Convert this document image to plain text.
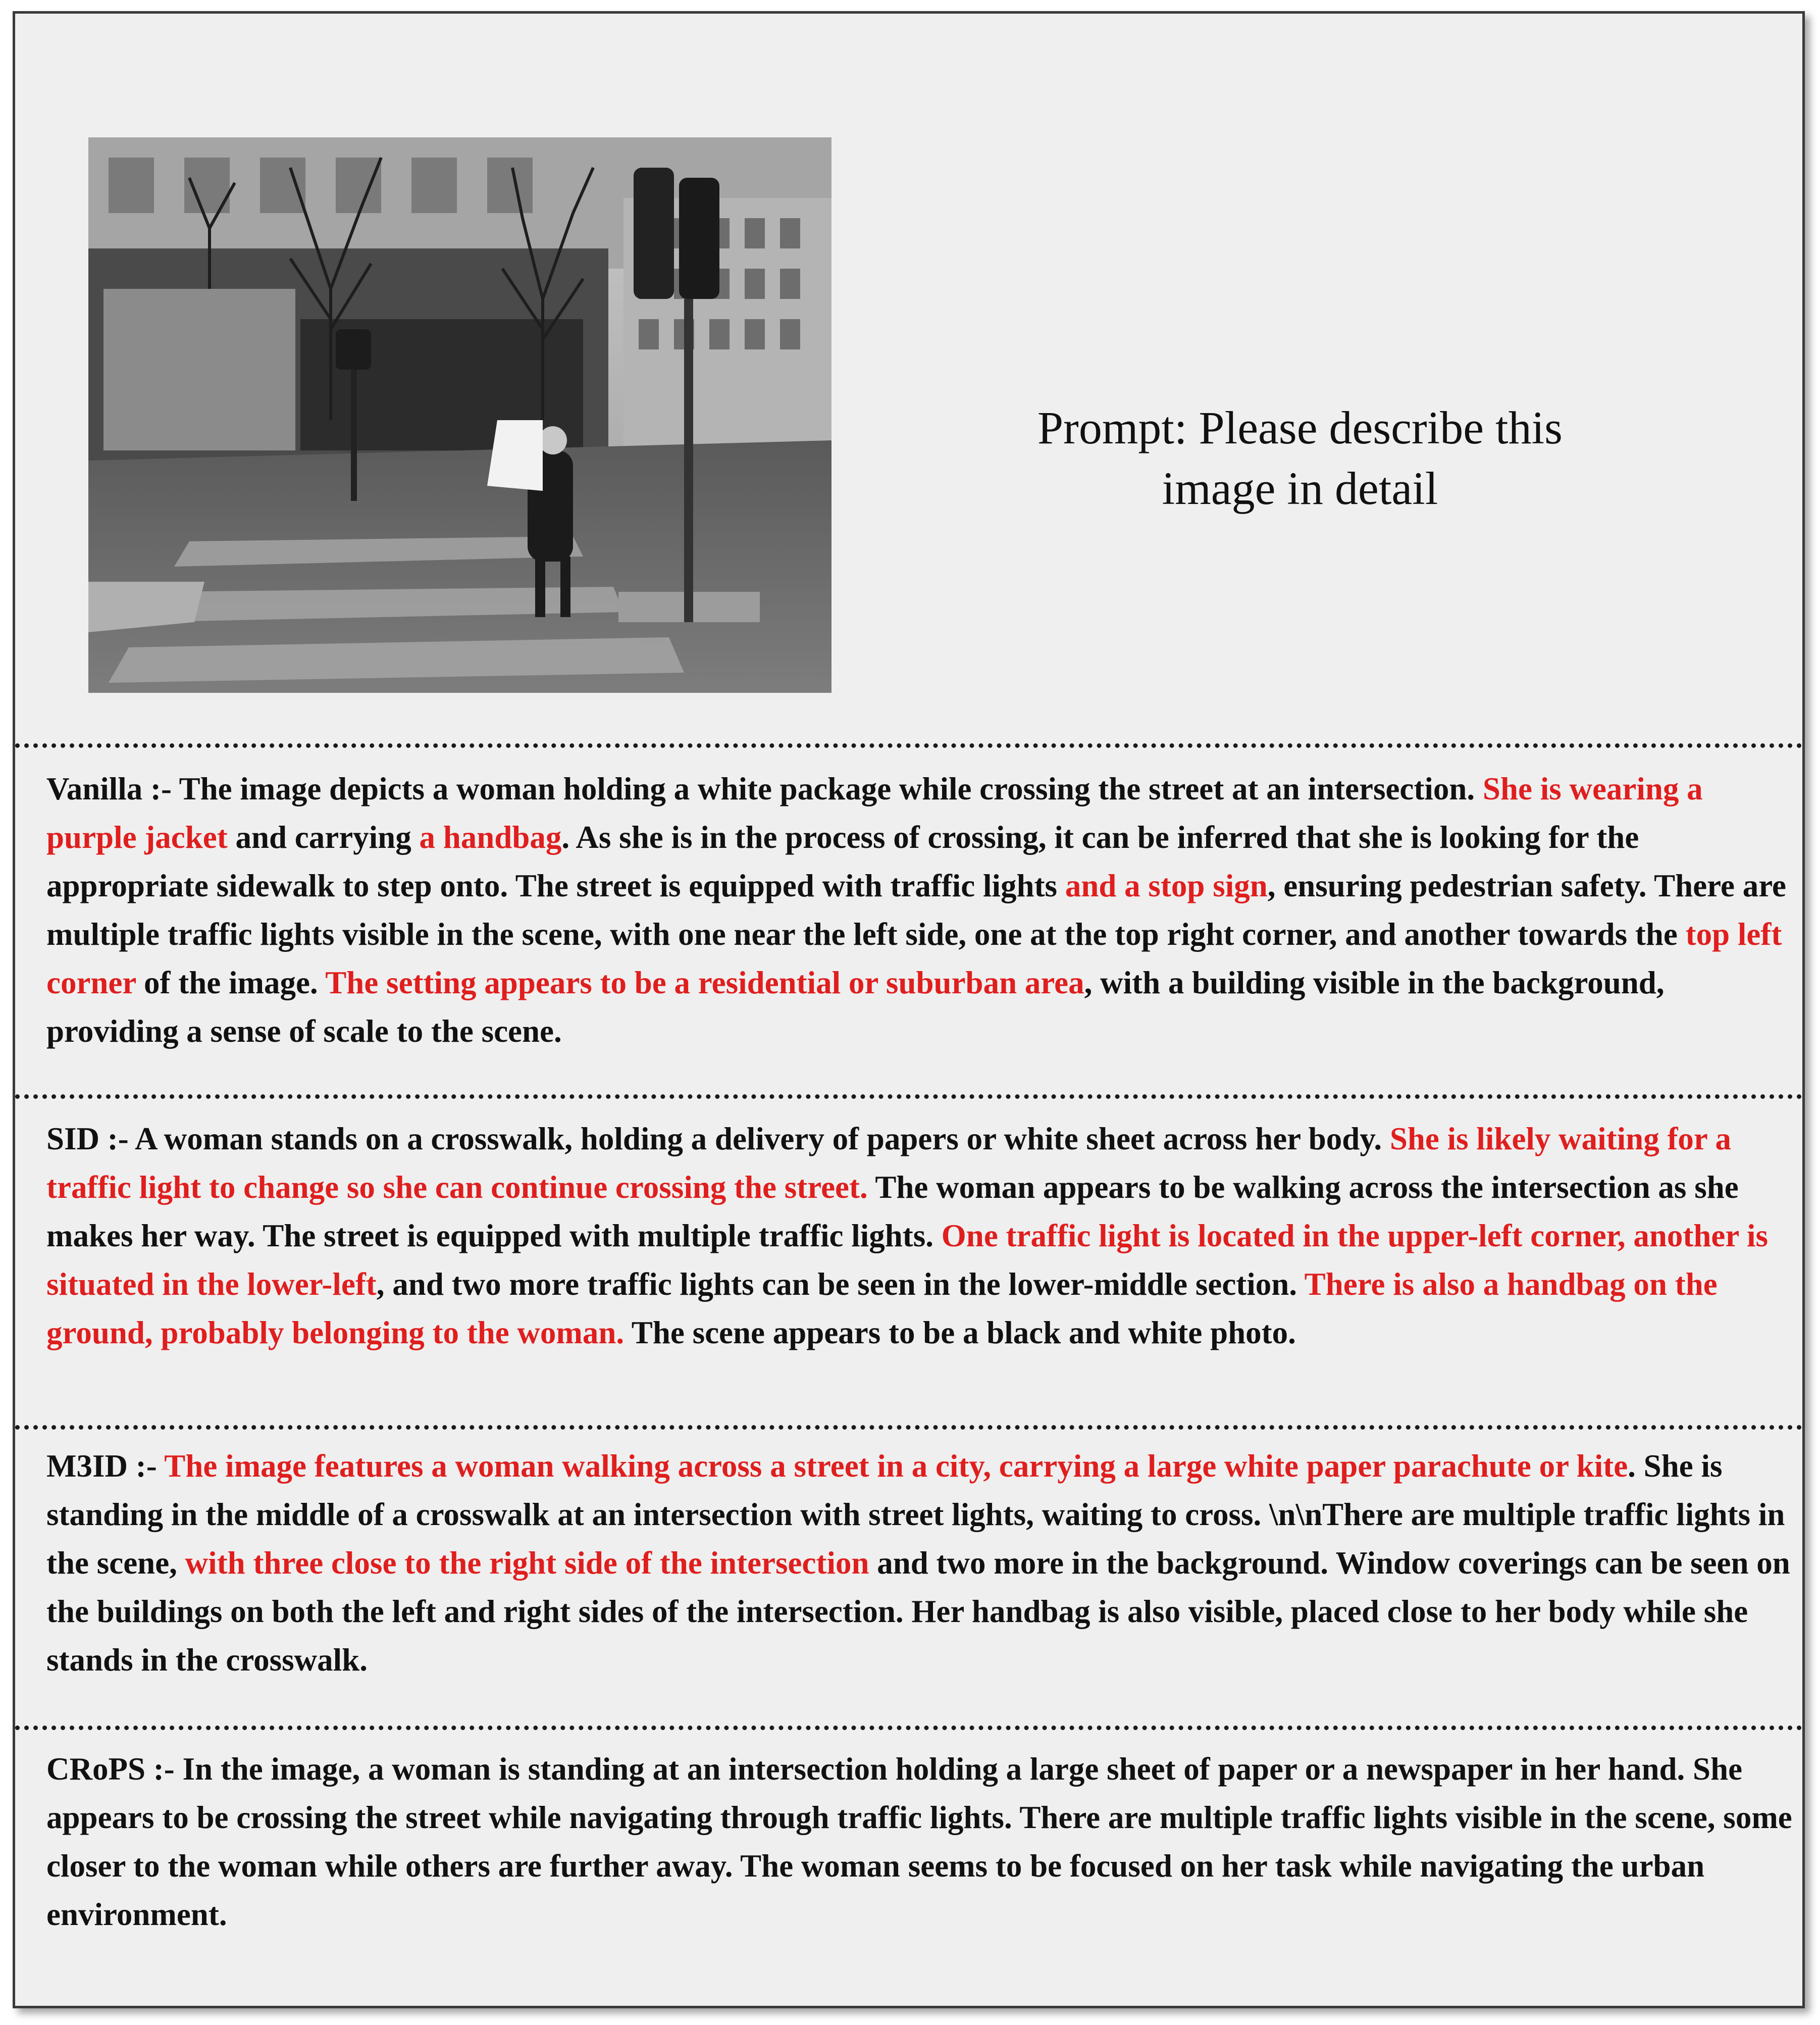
Prompt: Please describe this
image in detail
Vanilla :- The image depicts a woman holding a white package while crossing the street at an intersection. She is wearing a purple jacket and carrying a handbag. As she is in the process of crossing, it can be inferred that she is looking for the appropriate sidewalk to step onto. The street is equipped with traffic lights and a stop sign, ensuring pedestrian safety. There are multiple traffic lights visible in the scene, with one near the left side, one at the top right corner, and another towards the top left corner of the image. The setting appears to be a residential or suburban area, with a building visible in the background, providing a sense of scale to the scene.
SID :- A woman stands on a crosswalk, holding a delivery of papers or white sheet across her body. She is likely waiting for a traffic light to change so she can continue crossing the street. The woman appears to be walking across the intersection as she makes her way. The street is equipped with multiple traffic lights. One traffic light is located in the upper-left corner, another is situated in the lower-left, and two more traffic lights can be seen in the lower-middle section. There is also a handbag on the ground, probably belonging to the woman. The scene appears to be a black and white photo.
M3ID :- The image features a woman walking across a street in a city, carrying a large white paper parachute or kite. She is standing in the middle of a crosswalk at an intersection with street lights, waiting to cross. \n\nThere are multiple traffic lights in the scene, with three close to the right side of the intersection and two more in the background. Window coverings can be seen on the buildings on both the left and right sides of the intersection. Her handbag is also visible, placed close to her body while she stands in the crosswalk.
CRoPS :- In the image, a woman is standing at an intersection holding a large sheet of paper or a newspaper in her hand. She appears to be crossing the street while navigating through traffic lights. There are multiple traffic lights visible in the scene, some closer to the woman while others are further away. The woman seems to be focused on her task while navigating the urban environment.
